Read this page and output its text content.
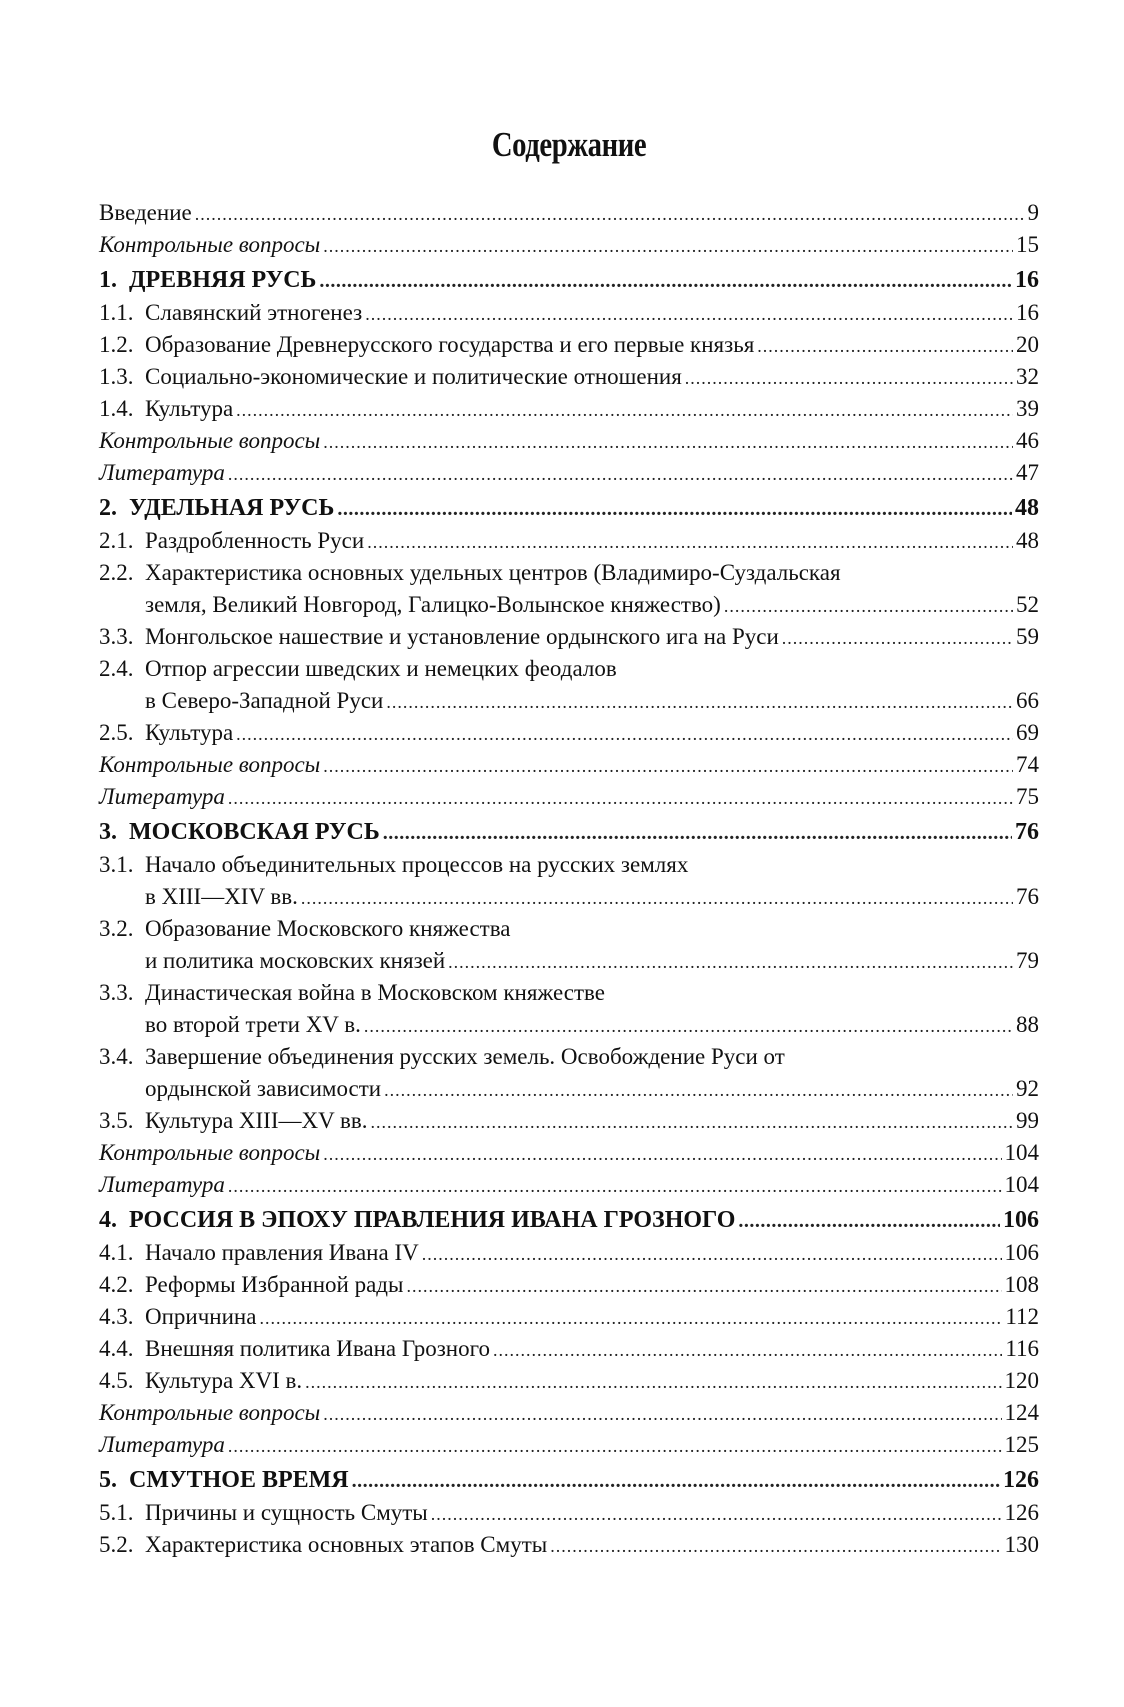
Содержание
Введение .....	9
Контрольные вопросы .....	15
1. ДРЕВНЯЯ РУСЬ .....	16
1.1. Славянский этногенез .....	16
1.2. Образование Древнерусского государства и его первые князья .....	20
1.3. Социально-экономические и политические отношения .....	32
1.4. Культура .....	39
Контрольные вопросы .....	46
Литература .....	47
2. УДЕЛЬНАЯ РУСЬ .....	48
2.1. Раздробленность Руси .....	48
2.2. Характеристика основных удельных центров (Владимиро-Суздальская
земля, Великий Новгород, Галицко-Волынское княжество) .....	52
3.3. Монгольское нашествие и установление ордынского ига на Руси .....	59
2.4. Отпор агрессии шведских и немецких феодалов
в Северо-Западной Руси .....	66
2.5. Культура .....	69
Контрольные вопросы .....	74
Литература .....	75
3. МОСКОВСКАЯ РУСЬ .....	76
3.1. Начало объединительных процессов на русских землях
в XIII—XIV вв. .....	76
3.2. Образование Московского княжества
и политика московских князей .....	79
3.3. Династическая война в Московском княжестве
во второй трети XV в. .....	88
3.4. Завершение объединения русских земель. Освобождение Руси от
ордынской зависимости .....	92
3.5. Культура XIII—XV вв. .....	99
Контрольные вопросы .....	104
Литература .....	104
4. РОССИЯ В ЭПОХУ ПРАВЛЕНИЯ ИВАНА ГРОЗНОГО .....	106
4.1. Начало правления Ивана IV .....	106
4.2. Реформы Избранной рады .....	108
4.3. Опричнина .....	112
4.4. Внешняя политика Ивана Грозного .....	116
4.5. Культура XVI в. .....	120
Контрольные вопросы .....	124
Литература .....	125
5. СМУТНОЕ ВРЕМЯ .....	126
5.1. Причины и сущность Смуты .....	126
5.2. Характеристика основных этапов Смуты .....	130
